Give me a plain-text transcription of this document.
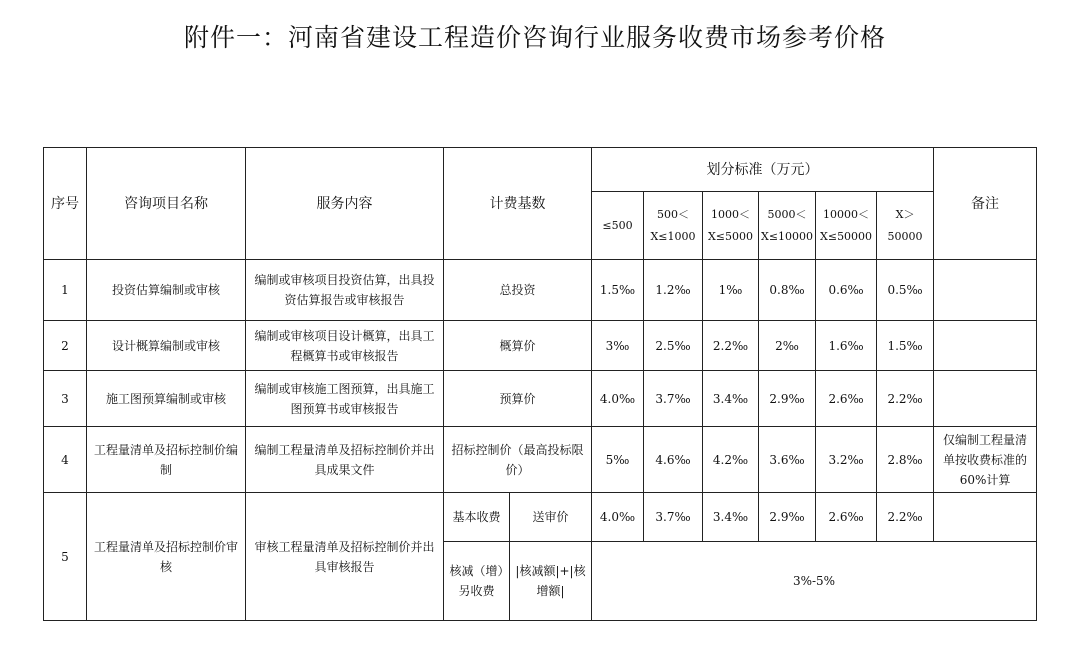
附件一：河南省建设工程造价咨询行业服务收费市场参考价格
序号	咨询项目名称	服务内容	计费基数		划分标准（万元）						备注
					≤500	500＜X≤1000	1000＜X≤5000	5000＜X≤10000	10000＜X≤50000	X＞50000	
1	投资估算编制或审核	编制或审核项目投资估算，出具投资估算报告或审核报告	总投资		1.5‰	1.2‰	1‰	0.8‰	0.6‰	0.5‰	
2	设计概算编制或审核	编制或审核项目设计概算，出具工程概算书或审核报告	概算价		3‰	2.5‰	2.2‰	2‰	1.6‰	1.5‰	
3	施工图预算编制或审核	编制或审核施工图预算，出具施工图预算书或审核报告	预算价		4.0‰	3.7‰	3.4‰	2.9‰	2.6‰	2.2‰	
4	工程量清单及招标控制价编制	编制工程量清单及招标控制价并出具成果文件	招标控制价（最高投标限价）		5‰	4.6‰	4.2‰	3.6‰	3.2‰	2.8‰	仅编制工程量清单按收费标准的 60%计算
5	工程量清单及招标控制价审核	审核工程量清单及招标控制价并出具审核报告	基本收费	送审价	4.0‰	3.7‰	3.4‰	2.9‰	2.6‰	2.2‰	
			核减（增）另收费	|核减额|+|核增额|	3%-5%						
